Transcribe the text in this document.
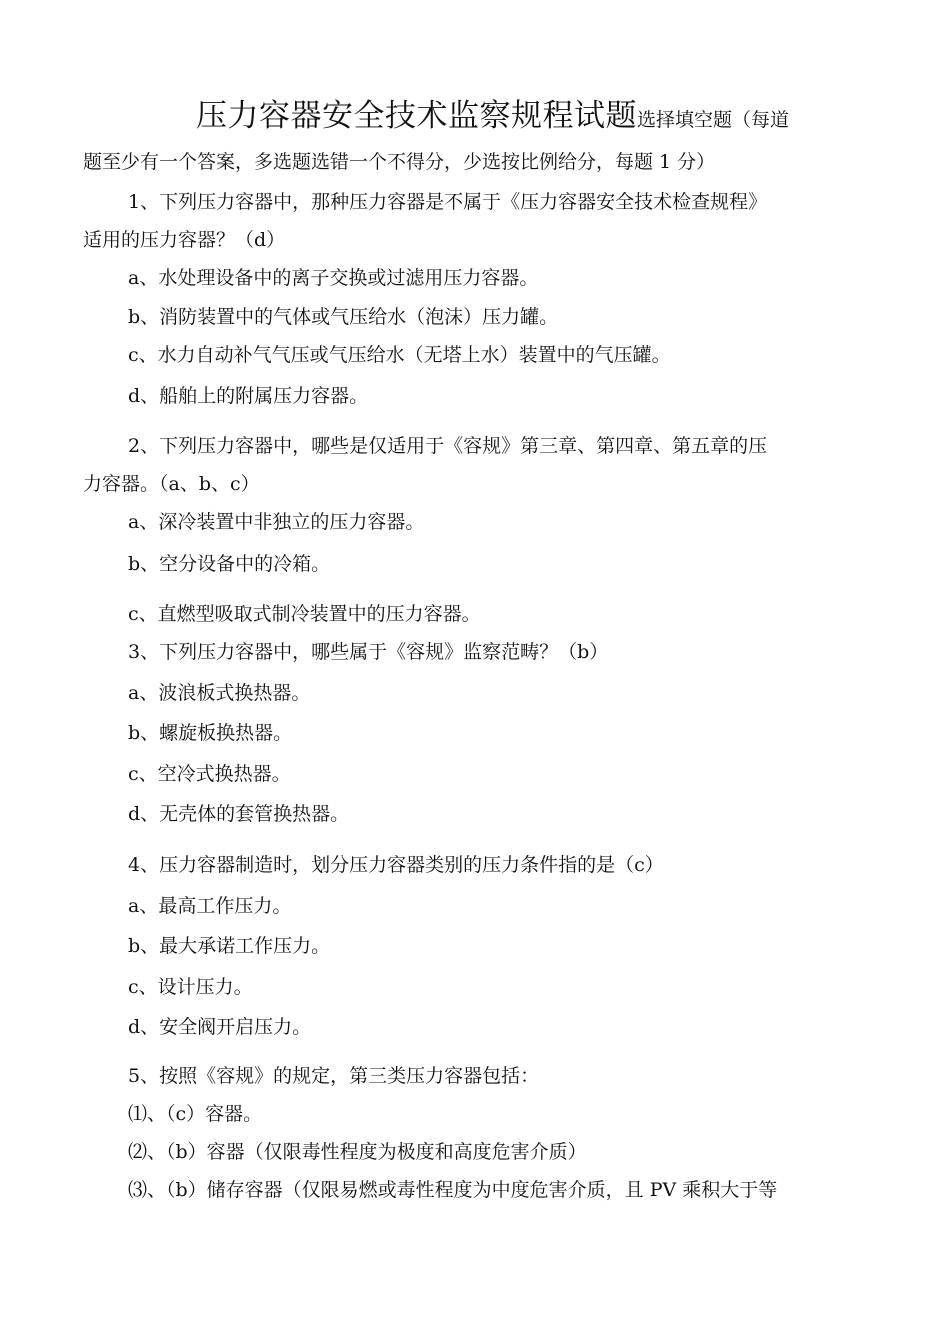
压力容器安全技术监察规程试题选择填空题（每道
题至少有一个答案，多选题选错一个不得分，少选按比例给分，每题 1 分）
1、下列压力容器中，那种压力容器是不属于《压力容器安全技术检查规程》
适用的压力容器？（d）
a、水处理设备中的离子交换或过滤用压力容器。
b、消防装置中的气体或气压给水（泡沫）压力罐。
c、水力自动补气气压或气压给水（无塔上水）装置中的气压罐。
d、船舶上的附属压力容器。
2、下列压力容器中，哪些是仅适用于《容规》第三章、第四章、第五章的压
力容器。（a、b、c）
a、深冷装置中非独立的压力容器。
b、空分设备中的冷箱。
c、直燃型吸取式制冷装置中的压力容器。
3、下列压力容器中，哪些属于《容规》监察范畴？（b）
a、波浪板式换热器。
b、螺旋板换热器。
c、空冷式换热器。
d、无壳体的套管换热器。
4、压力容器制造时，划分压力容器类别的压力条件指的是（c）
a、最高工作压力。
b、最大承诺工作压力。
c、设计压力。
d、安全阀开启压力。
5、按照《容规》的规定，第三类压力容器包括：
⑴、（c）容器。
⑵、（b）容器（仅限毒性程度为极度和高度危害介质）
⑶、（b）储存容器（仅限易燃或毒性程度为中度危害介质，且 PV 乘积大于等
